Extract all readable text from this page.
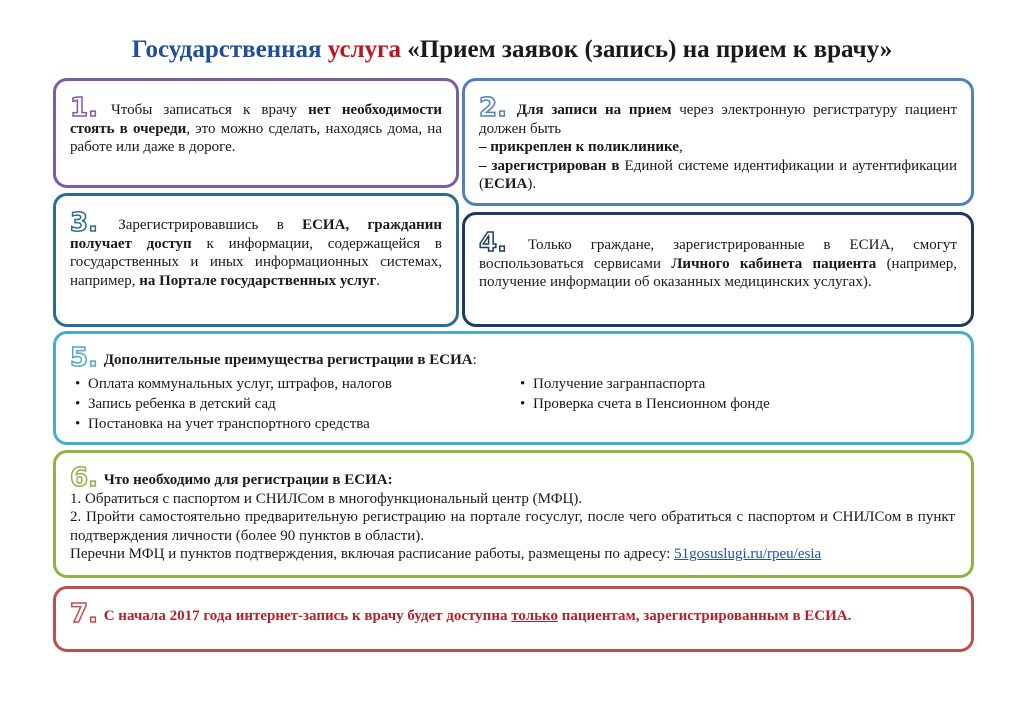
Государственная услуга «Прием заявок (запись) на прием к врачу»
1. Чтобы записаться к врачу нет необходимости стоять в очереди, это можно сделать, находясь дома, на работе или даже в дороге.
2. Для записи на прием через электронную регистратуру пациент должен быть
– прикреплен к поликлинике,
– зарегистрирован в Единой системе идентификации и аутентификации (ЕСИА).
3. Зарегистрировавшись в ЕСИА, гражданин получает доступ к информации, содержащейся в государственных и иных информационных системах, например, на Портале государственных услуг.
4. Только граждане, зарегистрированные в ЕСИА, смогут воспользоваться сервисами Личного кабинета пациента (например, получение информации об оказанных медицинских услугах).
5. Дополнительные преимущества регистрации в ЕСИА:
• Оплата коммунальных услуг, штрафов, налогов
• Запись ребенка в детский сад
• Постановка на учет транспортного средства
• Получение загранпаспорта
• Проверка счета в Пенсионном фонде
6. Что необходимо для регистрации в ЕСИА:
1. Обратиться с паспортом и СНИЛСом в многофункциональный центр (МФЦ).
2. Пройти самостоятельно предварительную регистрацию на портале госуслуг, после чего обратиться с паспортом и СНИЛСом в пункт подтверждения личности (более 90 пунктов в области).
Перечни МФЦ и пунктов подтверждения, включая расписание работы, размещены по адресу: 51gosuslugi.ru/rpeu/esia
7. С начала 2017 года интернет-запись к врачу будет доступна только пациентам, зарегистрированным в ЕСИА.
